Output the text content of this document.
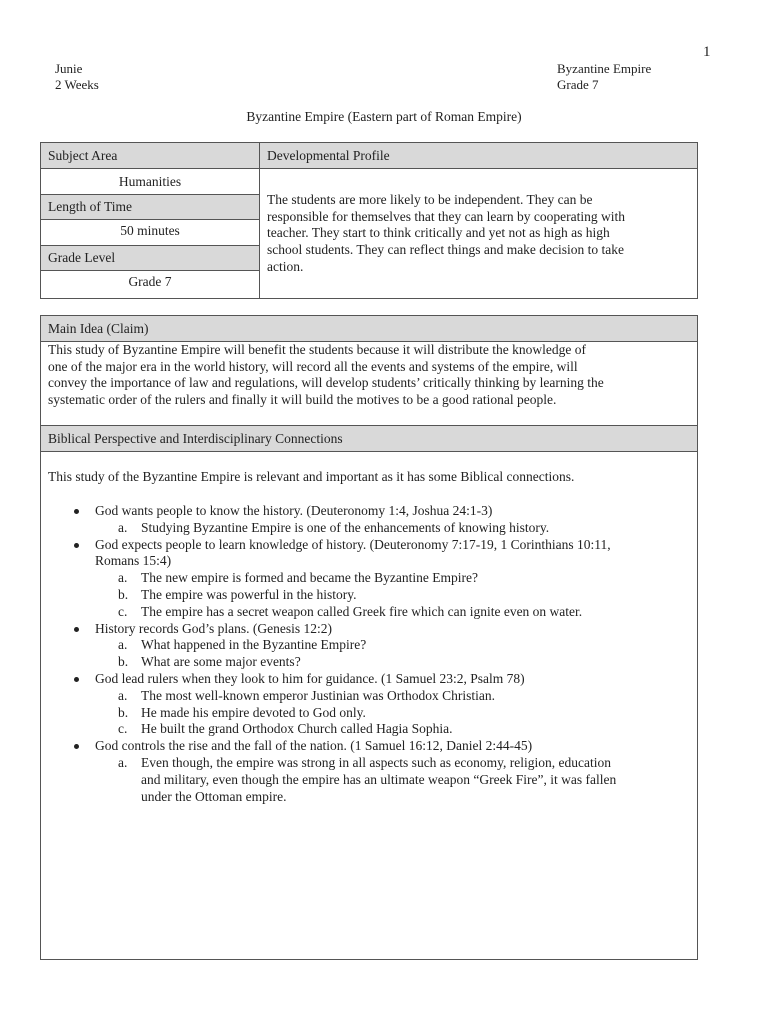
1
Junie
2 Weeks
Byzantine Empire
Grade 7
Byzantine Empire (Eastern part of Roman Empire)
Subject Area	Developmental Profile
Humanities
Length of Time
50 minutes
Grade Level
Grade 7
The students are more likely to be independent. They can be
responsible for themselves that they can learn by cooperating with
teacher. They start to think critically and yet not as high as high
school students. They can reflect things and make decision to take
action.
Main Idea (Claim)
This study of Byzantine Empire will benefit the students because it will distribute the knowledge of
one of the major era in the world history, will record all the events and systems of the empire, will
convey the importance of law and regulations, will develop students’ critically thinking by learning the
systematic order of the rulers and finally it will build the motives to be a good rational people.
Biblical Perspective and Interdisciplinary Connections
This study of the Byzantine Empire is relevant and important as it has some Biblical connections.
God wants people to know the history. (Deuteronomy 1:4, Joshua 24:1-3)
a. Studying Byzantine Empire is one of the enhancements of knowing history.
God expects people to learn knowledge of history. (Deuteronomy 7:17-19, 1 Corinthians 10:11,
Romans 15:4)
a. The new empire is formed and became the Byzantine Empire?
b. The empire was powerful in the history.
c. The empire has a secret weapon called Greek fire which can ignite even on water.
History records God’s plans. (Genesis 12:2)
a. What happened in the Byzantine Empire?
b. What are some major events?
God lead rulers when they look to him for guidance. (1 Samuel 23:2, Psalm 78)
a. The most well-known emperor Justinian was Orthodox Christian.
b. He made his empire devoted to God only.
c. He built the grand Orthodox Church called Hagia Sophia.
God controls the rise and the fall of the nation. (1 Samuel 16:12, Daniel 2:44-45)
a. Even though, the empire was strong in all aspects such as economy, religion, education
and military, even though the empire has an ultimate weapon “Greek Fire”, it was fallen
under the Ottoman empire.
